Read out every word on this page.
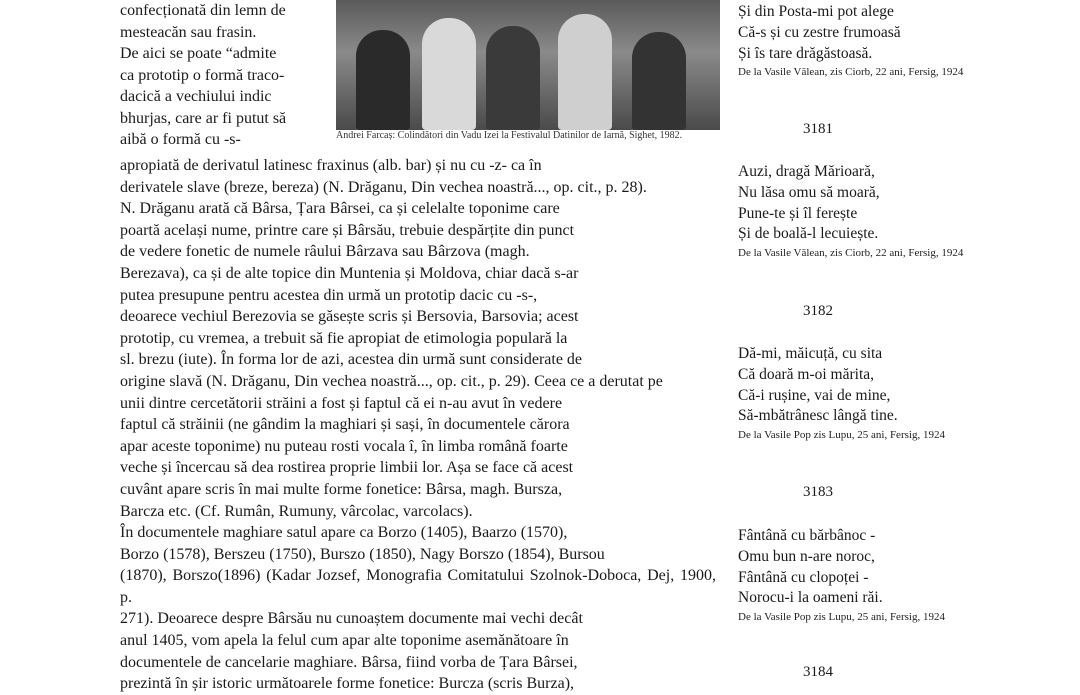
confecționată din lemn de

mesteacăn sau frasin.

De aici se poate “admite

ca prototip o formă traco-

dacică a vechiului indic

bhurjas, care ar fi putut să

aibă o formă cu -s-	Andrei Farcaș: Colindători din Vadu Izei la Festivalul Datinilor de Iarnă, Sighet, 1982.

apropiată de derivatul latinesc fraxinus (alb. bar) și nu cu -z- ca în

derivatele slave (breze, bereza) (N. Drăganu, Din vechea noastră..., op. cit., p. 28).

N. Drăganu arată că Bârsa, Țara Bârsei, ca și celelalte toponime care

poartă același nume, printre care și Bârsău, trebuie despărțite din punct

de vedere fonetic de numele râului Bârzava sau Bârzova (magh.

Berezava), ca și de alte topice din Muntenia și Moldova, chiar dacă s-ar

putea presupune pentru acestea din urmă un prototip dacic cu -s-,

deoarece vechiul Berezovia se găsește scris și Bersovia, Barsovia; acest

prototip, cu vremea, a trebuit să fie apropiat de etimologia populară la

sl. brezu (iute). În forma lor de azi, acestea din urmă sunt considerate de

origine slavă (N. Drăganu, Din vechea noastră..., op. cit., p. 29). Ceea ce a derutat pe

unii dintre cercetătorii străini a fost și faptul că ei n-au avut în vedere

faptul că străinii (ne gândim la maghiari și sași, în documentele cărora

apar aceste toponime) nu puteau rosti vocala î, în limba română foarte

veche și încercau să dea rostirea proprie limbii lor. Așa se face că acest

cuvânt apare scris în mai multe forme fonetice: Bârsa, magh. Bursza,

Barcza etc. (Cf. Rumân, Rumuny, vârcolac, varcolacs).

În documentele maghiare satul apare ca Borzo (1405), Baarzo (1570),

Borzo (1578), Berszeu (1750), Burszo (1850), Nagy Borszo (1854), Bursou

(1870), Borszo(1896) (Kadar Jozsef, Monografia Comitatului Szolnok-Doboca, Dej, 1900, p.

271). Deoarece despre Bârsău nu cunoaștem documente mai vechi decât

anul 1405, vom apela la felul cum apar alte toponime asemănătoare în

documentele de cancelarie maghiare. Bârsa, fiind vorba de Țara Bârsei,

prezintă în șir istoric următoarele forme fonetice: Burcza (scris Burza),

Și din Posta-mi pot alege

Că-s și cu zestre frumoasă

Și îs tare drăgăstoasă.

De la Vasile Vălean, zis Ciorb, 22 ani, Fersig, 1924

3181

Auzi, dragă Mărioară,

Nu lăsa omu să moară,

Pune-te și îl ferește

Și de boală-l lecuiește.

De la Vasile Vălean, zis Ciorb, 22 ani, Fersig, 1924

3182

Dă-mi, măicuță, cu sita

Că doară m-oi mărita,

Că-i rușine, vai de mine,

Să-mbătrânesc lângă tine.

De la Vasile Pop zis Lupu, 25 ani, Fersig, 1924

3183

Fântână cu bărbânoc -

Omu bun n-are noroc,

Fântână cu clopoței -

Norocu-i la oameni răi.

De la Vasile Pop zis Lupu, 25 ani, Fersig, 1924

3184
